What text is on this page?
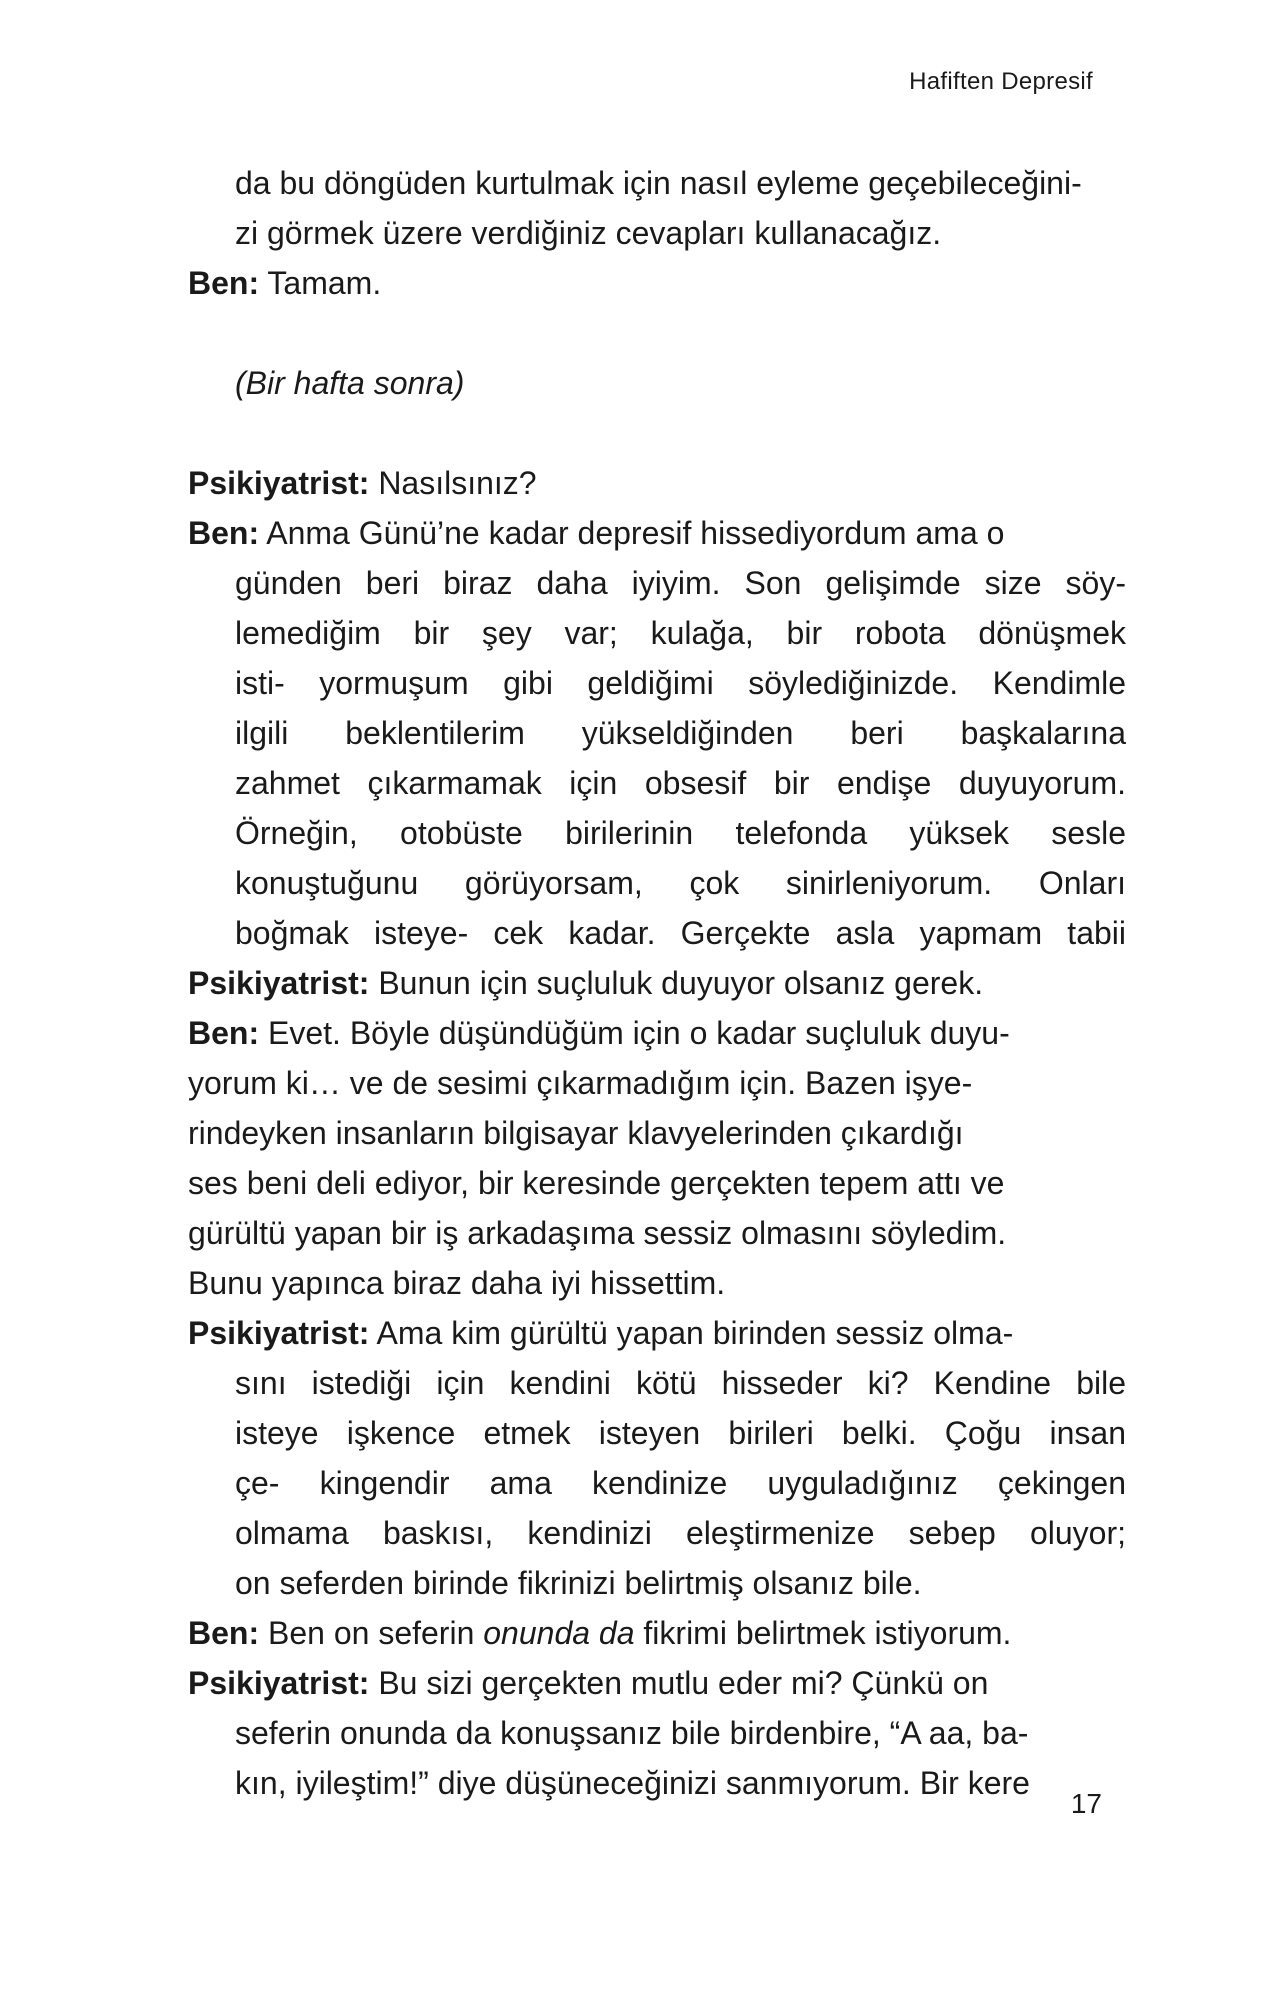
Hafiften Depresif
da bu döngüden kurtulmak için nasıl eyleme geçebileceğini-
zi görmek üzere verdiğiniz cevapları kullanacağız.
Ben: Tamam.
(Bir hafta sonra)
Psikiyatrist: Nasılsınız?
Ben: Anma Günü’ne kadar depresif hissediyordum ama o
günden beri biraz daha iyiyim. Son gelişimde size söy-
lemediğim bir şey var; kulağa, bir robota dönüşmek
isti- yormuşum gibi geldiğimi söylediğinizde. Kendimle
ilgili beklentilerim yükseldiğinden beri başkalarına
zahmet çıkarmamak için obsesif bir endişe duyuyorum.
Örneğin, otobüste birilerinin telefonda yüksek sesle
konuştuğunu görüyorsam, çok sinirleniyorum. Onları
boğmak isteye- cek kadar. Gerçekte asla yapmam tabii
Psikiyatrist: Bunun için suçluluk duyuyor olsanız gerek.
Ben: Evet. Böyle düşündüğüm için o kadar suçluluk duyu-
yorum ki… ve de sesimi çıkarmadığım için. Bazen işye-
rindeyken insanların bilgisayar klavyelerinden çıkardığı
ses beni deli ediyor, bir keresinde gerçekten tepem attı ve
gürültü yapan bir iş arkadaşıma sessiz olmasını söyledim.
Bunu yapınca biraz daha iyi hissettim.
Psikiyatrist: Ama kim gürültü yapan birinden sessiz olma-
sını istediği için kendini kötü hisseder ki? Kendine bile
isteye işkence etmek isteyen birileri belki. Çoğu insan
çe- kingendir ama kendinize uyguladığınız çekingen
olmama baskısı, kendinizi eleştirmenize sebep oluyor;
on seferden birinde fikrinizi belirtmiş olsanız bile.
Ben: Ben on seferin onunda da fikrimi belirtmek istiyorum.
Psikiyatrist: Bu sizi gerçekten mutlu eder mi? Çünkü on
seferin onunda da konuşsanız bile birdenbire, “A aa, ba-
kın, iyileştim!” diye düşüneceğinizi sanmıyorum. Bir kere
17
